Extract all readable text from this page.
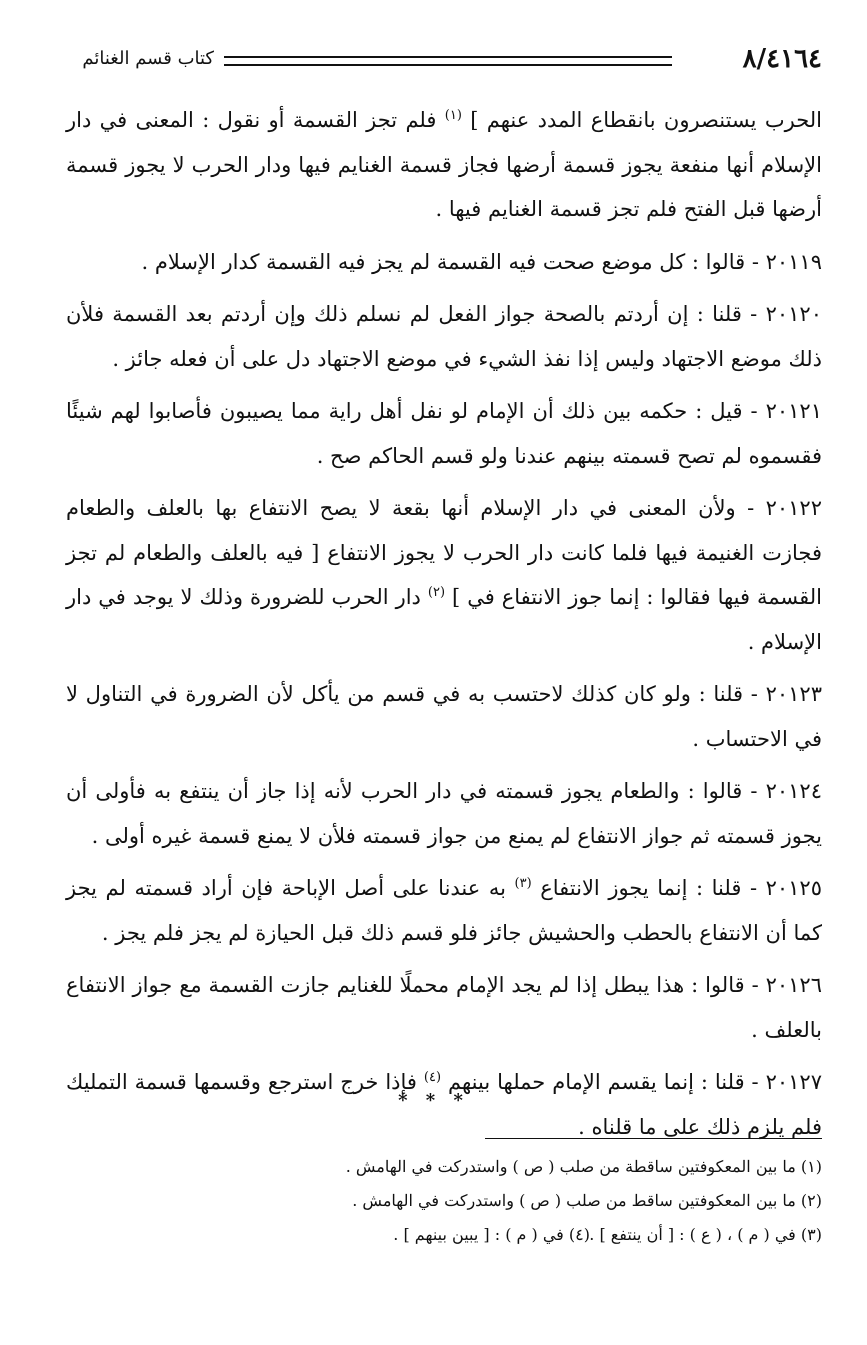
٨/٤١٦٤
كتاب قسم الغنائم

الحرب يستنصرون بانقطاع المدد عنهم ] $^{(١)}$ فلم تجز القسمة أو نقول : المعنى في دار الإسلام أنها منفعة يجوز قسمة أرضها فجاز قسمة الغنايم فيها ودار الحرب لا يجوز قسمة أرضها قبل الفتح فلم تجز قسمة الغنايم فيها .

٢٠١١٩ - قالوا : كل موضع صحت فيه القسمة لم يجز فيه القسمة كدار الإسلام .

٢٠١٢٠ - قلنا : إن أردتم بالصحة جواز الفعل لم نسلم ذلك وإن أردتم بعد القسمة فلأن ذلك موضع الاجتهاد وليس إذا نفذ الشيء في موضع الاجتهاد دل على أن فعله جائز .

٢٠١٢١ - قيل : حكمه بين ذلك أن الإمام لو نفل أهل راية مما يصيبون فأصابوا لهم شيئًا فقسموه لم تصح قسمته بينهم عندنا ولو قسم الحاكم صح .

٢٠١٢٢ - ولأن المعنى في دار الإسلام أنها بقعة لا يصح الانتفاع بها بالعلف والطعام فجازت الغنيمة فيها فلما كانت دار الحرب لا يجوز الانتفاع [ فيه بالعلف والطعام لم تجز القسمة فيها فقالوا : إنما جوز الانتفاع في ] $^{(٢)}$ دار الحرب للضرورة وذلك لا يوجد في دار الإسلام .

٢٠١٢٣ - قلنا : ولو كان كذلك لاحتسب به في قسم من يأكل لأن الضرورة في التناول لا في الاحتساب .

٢٠١٢٤ - قالوا : والطعام يجوز قسمته في دار الحرب لأنه إذا جاز أن ينتفع به فأولى أن يجوز قسمته ثم جواز الانتفاع لم يمنع من جواز قسمته فلأن لا يمنع قسمة غيره أولى .

٢٠١٢٥ - قلنا : إنما يجوز الانتفاع $^{(٣)}$ به عندنا على أصل الإباحة فإن أراد قسمته لم يجز كما أن الانتفاع بالحطب والحشيش جائز فلو قسم ذلك قبل الحيازة لم يجز فلم يجز .

٢٠١٢٦ - قالوا : هذا يبطل إذا لم يجد الإمام محملًا للغنايم جازت القسمة مع جواز الانتفاع بالعلف .

٢٠١٢٧ - قلنا : إنما يقسم الإمام حملها بينهم $^{(٤)}$ فإذا خرج استرجع وقسمها قسمة التمليك فلم يلزم ذلك على ما قلناه .

* * *

(١) ما بين المعكوفتين ساقطة من صلب ( ص ) واستدركت في الهامش .

(٢) ما بين المعكوفتين ساقط من صلب ( ص ) واستدركت في الهامش .

(٣) في ( م ) ، ( ع ) : [ أن ينتفع ] .
(٤) في ( م ) : [ يبين بينهم ] .
